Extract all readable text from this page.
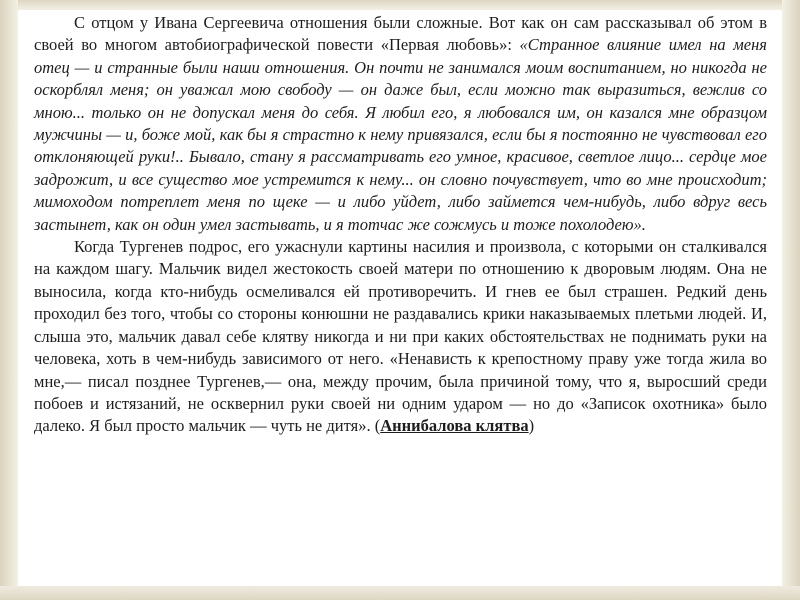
С отцом у Ивана Сергеевича отношения были сложные. Вот как он сам рассказывал об этом в своей во многом автобиографической повести «Первая любовь»: «Странное влияние имел на меня отец — и странные были наши отношения. Он почти не занимался моим воспитанием, но никогда не оскорблял меня; он уважал мою свободу — он даже был, если можно так выразиться, вежлив со мною... только он не допускал меня до себя. Я любил его, я любовался им, он казался мне образцом мужчины — и, боже мой, как бы я страстно к нему привязался, если бы я постоянно не чувствовал его отклоняющей руки!.. Бывало, стану я рассматривать его умное, красивое, светлое лицо... сердце мое задрожит, и все существо мое устремится к нему... он словно почувствует, что во мне происходит; мимоходом потреплет меня по щеке — и либо уйдет, либо займется чем-нибудь, либо вдруг весь застынет, как он один умел застывать, и я тотчас же сожмусь и тоже похолодею».

Когда Тургенев подрос, его ужаснули картины насилия и произвола, с которыми он сталкивался на каждом шагу. Мальчик видел жестокость своей матери по отношению к дворовым людям. Она не выносила, когда кто-нибудь осмеливался ей противоречить. И гнев ее был страшен. Редкий день проходил без того, чтобы со стороны конюшни не раздавались крики наказываемых плетьми людей. И, слыша это, мальчик давал себе клятву никогда и ни при каких обстоятельствах не поднимать руки на человека, хоть в чем-нибудь зависимого от него. «Ненависть к крепостному праву уже тогда жила во мне,— писал позднее Тургенев,— она, между прочим, была причиной тому, что я, выросший среди побоев и истязаний, не осквернил руки своей ни одним ударом — но до «Записок охотника» было далеко. Я был просто мальчик — чуть не дитя». (Аннибалова клятва)
